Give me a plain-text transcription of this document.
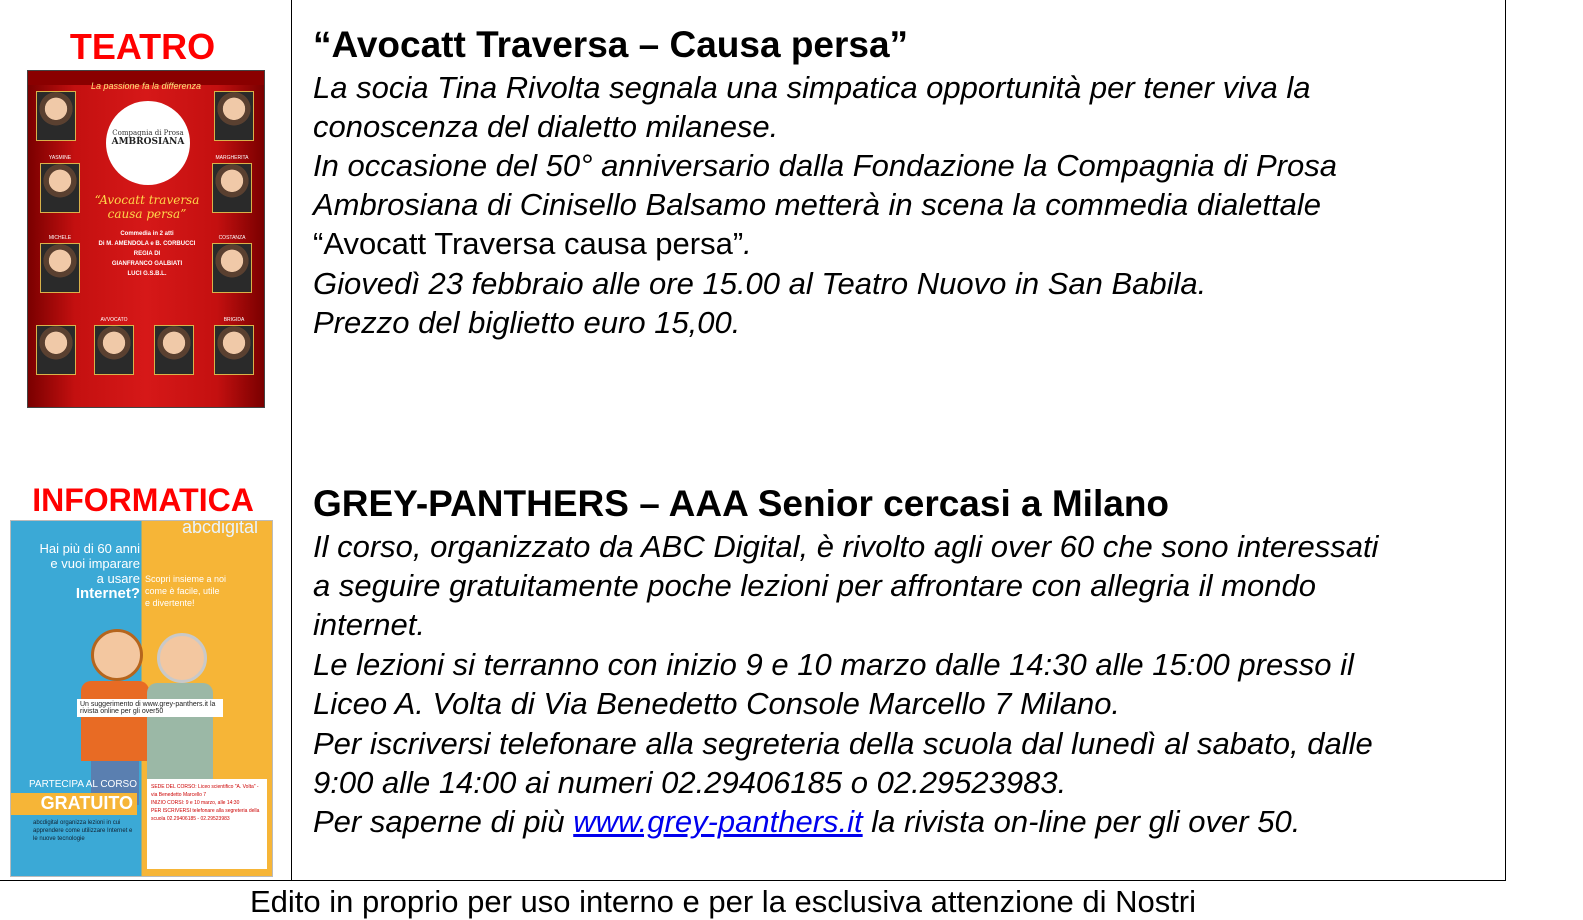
TEATRO
La passione fa la differenza
Compagnia di Prosa
AMBROSIANA
“Avocatt traversa causa persa”
Commedia in 2 atti
Di M. AMENDOLA e B. CORBUCCI
REGIA DI
GIANFRANCO GALBIATI
LUCI G.S.B.L.
YASMINE	MARGHERITA
MICHELE	COSTANZA
AVVOCATO	BRIGIDA
“Avocatt Traversa – Causa persa”
La socia Tina Rivolta segnala una simpatica opportunità per tener viva la
conoscenza del dialetto milanese.
In occasione del 50° anniversario dalla Fondazione la Compagnia di Prosa
Ambrosiana di Cinisello Balsamo metterà in scena la commedia dialettale
“Avocatt Traversa causa persa”.
Giovedì 23 febbraio alle ore 15.00 al Teatro Nuovo in San Babila.
Prezzo del biglietto euro 15,00.
INFORMATICA
abcdigital
Hai più di 60 anni
e vuoi imparare
a usare
Internet?
Scopri insieme a noi
come è facile, utile
e divertente!
Un suggerimento di www.grey-panthers.it la rivista online per gli over50
PARTECIPA AL CORSO
GRATUITO
abcdigital organizza lezioni in cui apprendere come utilizzare Internet e le nuove tecnologie
SEDE DEL CORSO: Liceo scientifico "A. Volta" - via Benedetto Marcello 7
INIZIO CORSI: 9 e 10 marzo, alle 14:30
PER ISCRIVERSI telefonare alla segreteria della scuola 02.29406185 - 02.29523983
GREY-PANTHERS – AAA Senior cercasi a Milano
Il corso, organizzato da ABC Digital, è rivolto agli over 60 che sono interessati
a seguire gratuitamente poche lezioni per affrontare con allegria il mondo
internet.
Le lezioni si terranno con inizio 9 e 10 marzo dalle 14:30 alle 15:00 presso il
Liceo A. Volta di Via Benedetto Console Marcello 7 Milano.
Per iscriversi telefonare alla segreteria della scuola dal lunedì al sabato, dalle
9:00 alle 14:00 ai numeri 02.29406185 o 02.29523983.
Per saperne di più www.grey-panthers.it la rivista on-line per gli over 50.
Edito in proprio per uso interno e per la esclusiva attenzione di Nostri
